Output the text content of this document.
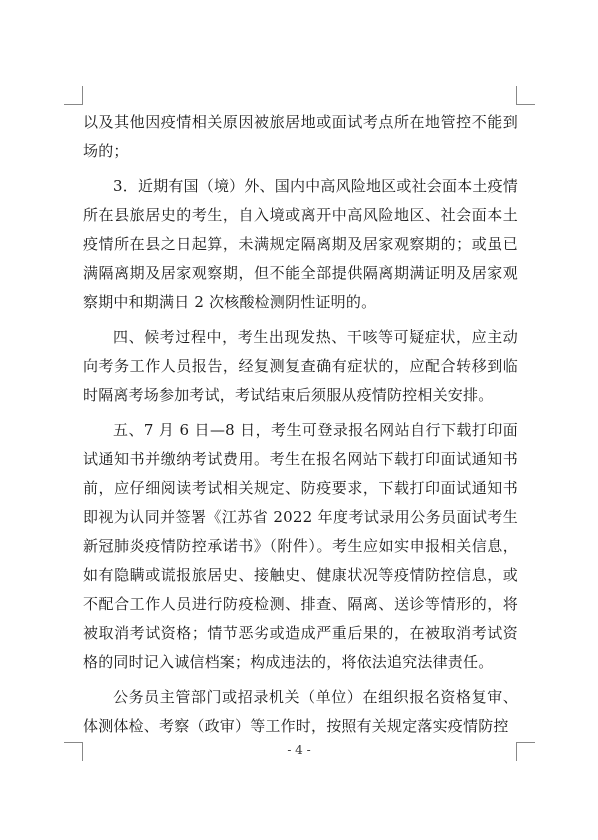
以及其他因疫情相关原因被旅居地或面试考点所在地管控不能到场的；

3．近期有国（境）外、国内中高风险地区或社会面本土疫情所在县旅居史的考生，自入境或离开中高风险地区、社会面本土疫情所在县之日起算，未满规定隔离期及居家观察期的；或虽已满隔离期及居家观察期，但不能全部提供隔离期满证明及居家观察期中和期满日 2 次核酸检测阴性证明的。

四、候考过程中，考生出现发热、干咳等可疑症状，应主动向考务工作人员报告，经复测复查确有症状的，应配合转移到临时隔离考场参加考试，考试结束后须服从疫情防控相关安排。

五、7 月 6 日—8 日，考生可登录报名网站自行下载打印面试通知书并缴纳考试费用。考生在报名网站下载打印面试通知书前，应仔细阅读考试相关规定、防疫要求，下载打印面试通知书即视为认同并签署《江苏省 2022 年度考试录用公务员面试考生新冠肺炎疫情防控承诺书》（附件）。考生应如实申报相关信息，如有隐瞒或谎报旅居史、接触史、健康状况等疫情防控信息，或不配合工作人员进行防疫检测、排查、隔离、送诊等情形的，将被取消考试资格；情节恶劣或造成严重后果的，在被取消考试资格的同时记入诚信档案；构成违法的，将依法追究法律责任。

公务员主管部门或招录机关（单位）在组织报名资格复审、体测体检、考察（政审）等工作时，按照有关规定落实疫情防控

- 4 -
